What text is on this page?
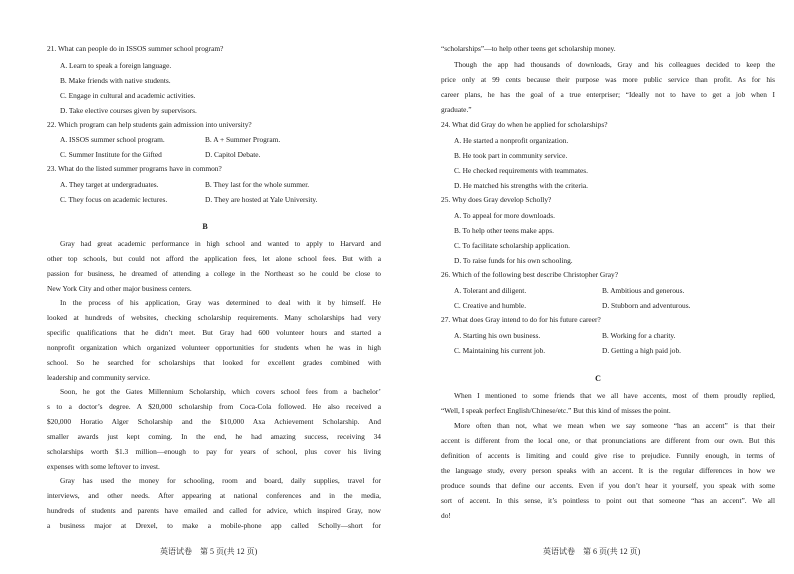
21. What can people do in ISSOS summer school program?
A. Learn to speak a foreign language.
B. Make friends with native students.
C. Engage in cultural and academic activities.
D. Take elective courses given by supervisors.
22. Which program can help students gain admission into university?
A. ISSOS summer school program.	B. A + Summer Program.
C. Summer Institute for the Gifted	D. Capitol Debate.
23. What do the listed summer programs have in common?
A. They target at undergraduates.	B. They last for the whole summer.
C. They focus on academic lectures.	D. They are hosted at Yale University.
B
Gray had great academic performance in high school and wanted to apply to Harvard and
other top schools, but could not afford the application fees, let alone school fees. But with a
passion for business, he dreamed of attending a college in the Northeast so he could be close to
New York City and other major business centers.
In the process of his application, Gray was determined to deal with it by himself. He
looked at hundreds of websites, checking scholarship requirements. Many scholarships had very
specific qualifications that he didn’t meet. But Gray had 600 volunteer hours and started a
nonprofit organization which organized volunteer opportunities for students when he was in high
school. So he searched for scholarships that looked for excellent grades combined with
leadership and community service.
Soon, he got the Gates Millennium Scholarship, which covers school fees from a bachelor’
s to a doctor’s degree. A $20,000 scholarship from Coca-Cola followed. He also received a
$20,000 Horatio Alger Scholarship and the $10,000 Axa Achievement Scholarship. And
smaller awards just kept coming. In the end, he had amazing success, receiving 34
scholarships worth $1.3 million—enough to pay for years of school, plus cover his living
expenses with some leftover to invest.
Gray has used the money for schooling, room and board, daily supplies, travel for
interviews, and other needs. After appearing at national conferences and in the media,
hundreds of students and parents have emailed and called for advice, which inspired Gray, now
a business major at Drexel, to make a mobile-phone app called Scholly—short for
英语试卷　第 5 页(共 12 页)
“scholarships”—to help other teens get scholarship money.
Though the app had thousands of downloads, Gray and his colleagues decided to keep the
price only at 99 cents because their purpose was more public service than profit. As for his
career plans, he has the goal of a true enterpriser; “Ideally not to have to get a job when I
graduate.”
24. What did Gray do when he applied for scholarships?
A. He started a nonprofit organization.
B. He took part in community service.
C. He checked requirements with teammates.
D. He matched his strengths with the criteria.
25. Why does Gray develop Scholly?
A. To appeal for more downloads.
B. To help other teens make apps.
C. To facilitate scholarship application.
D. To raise funds for his own schooling.
26. Which of the following best describe Christopher Gray?
A. Tolerant and diligent.	B. Ambitious and generous.
C. Creative and humble.	D. Stubborn and adventurous.
27. What does Gray intend to do for his future career?
A. Starting his own business.	B. Working for a charity.
C. Maintaining his current job.	D. Getting a high paid job.
C
When I mentioned to some friends that we all have accents, most of them proudly replied,
“Well, I speak perfect English/Chinese/etc.” But this kind of misses the point.
More often than not, what we mean when we say someone “has an accent” is that their
accent is different from the local one, or that pronunciations are different from our own. But this
definition of accents is limiting and could give rise to prejudice. Funnily enough, in terms of
the language study, every person speaks with an accent. It is the regular differences in how we
produce sounds that define our accents. Even if you don’t hear it yourself, you speak with some
sort of accent. In this sense, it’s pointless to point out that someone “has an accent”. We all
do!
英语试卷　第 6 页(共 12 页)
